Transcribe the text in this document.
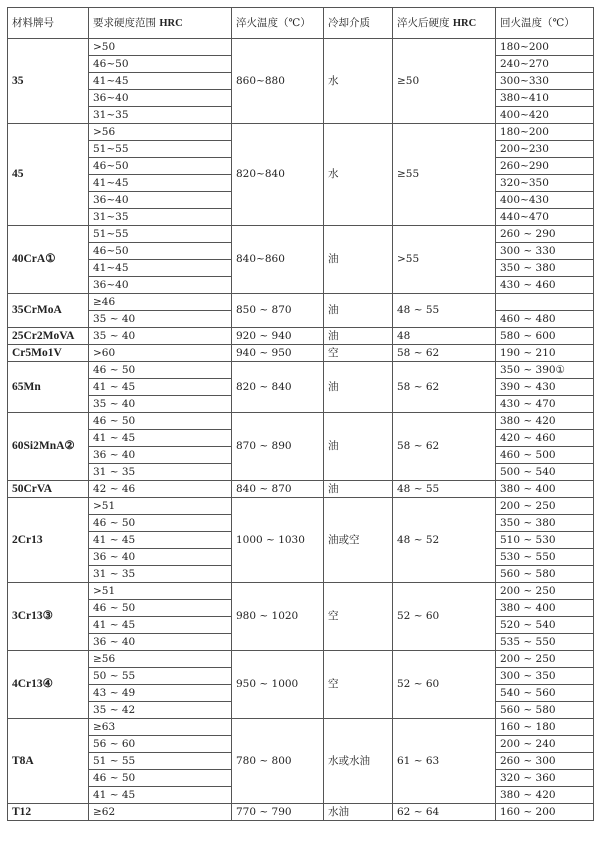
材料牌号	要求硬度范围 HRC	淬火温度（℃）	冷却介质	淬火后硬度 HRC	回火温度（℃）
35	>50	860~880	水	≥50	180~200
	46~50				240~270
	41~45				300~330
	36~40				380~410
	31~35				400~420
45	>56	820~840	水	≥55	180~200
	51~55				200~230
	46~50				260~290
	41~45				320~350
	36~40				400~430
	31~35				440~470
40CrA①	51~55	840~860	油	>55	260 ~ 290
	46~50				300 ~ 330
	41~45				350 ~ 380
	36~40				430 ~ 460
35CrMoA	≥46	850 ~ 870	油	48 ~ 55	
	35 ~ 40				460 ~ 480
25Cr2MoVA	35 ~ 40	920 ~ 940	油	48	580 ~ 600
Cr5Mo1V	>60	940 ~ 950	空	58 ~ 62	190 ~ 210
65Mn	46 ~ 50	820 ~ 840	油	58 ~ 62	350 ~ 390①
	41 ~ 45				390 ~ 430
	35 ~ 40				430 ~ 470
60Si2MnA②	46 ~ 50	870 ~ 890	油	58 ~ 62	380 ~ 420
	41 ~ 45				420 ~ 460
	36 ~ 40				460 ~ 500
	31 ~ 35				500 ~ 540
50CrVA	42 ~ 46	840 ~ 870	油	48 ~ 55	380 ~ 400
2Cr13	>51	1000 ~ 1030	油或空	48 ~ 52	200 ~ 250
	46 ~ 50				350 ~ 380
	41 ~ 45				510 ~ 530
	36 ~ 40				530 ~ 550
	31 ~ 35				560 ~ 580
3Cr13③	>51	980 ~ 1020	空	52 ~ 60	200 ~ 250
	46 ~ 50				380 ~ 400
	41 ~ 45				520 ~ 540
	36 ~ 40				535 ~ 550
4Cr13④	≥56	950 ~ 1000	空	52 ~ 60	200 ~ 250
	50 ~ 55				300 ~ 350
	43 ~ 49				540 ~ 560
	35 ~ 42				560 ~ 580
T8A	≥63	780 ~ 800	水或水油	61 ~ 63	160 ~ 180
	56 ~ 60				200 ~ 240
	51 ~ 55				260 ~ 300
	46 ~ 50				320 ~ 360
	41 ~ 45				380 ~ 420
T12	≥62	770 ~ 790	水油	62 ~ 64	160 ~ 200
